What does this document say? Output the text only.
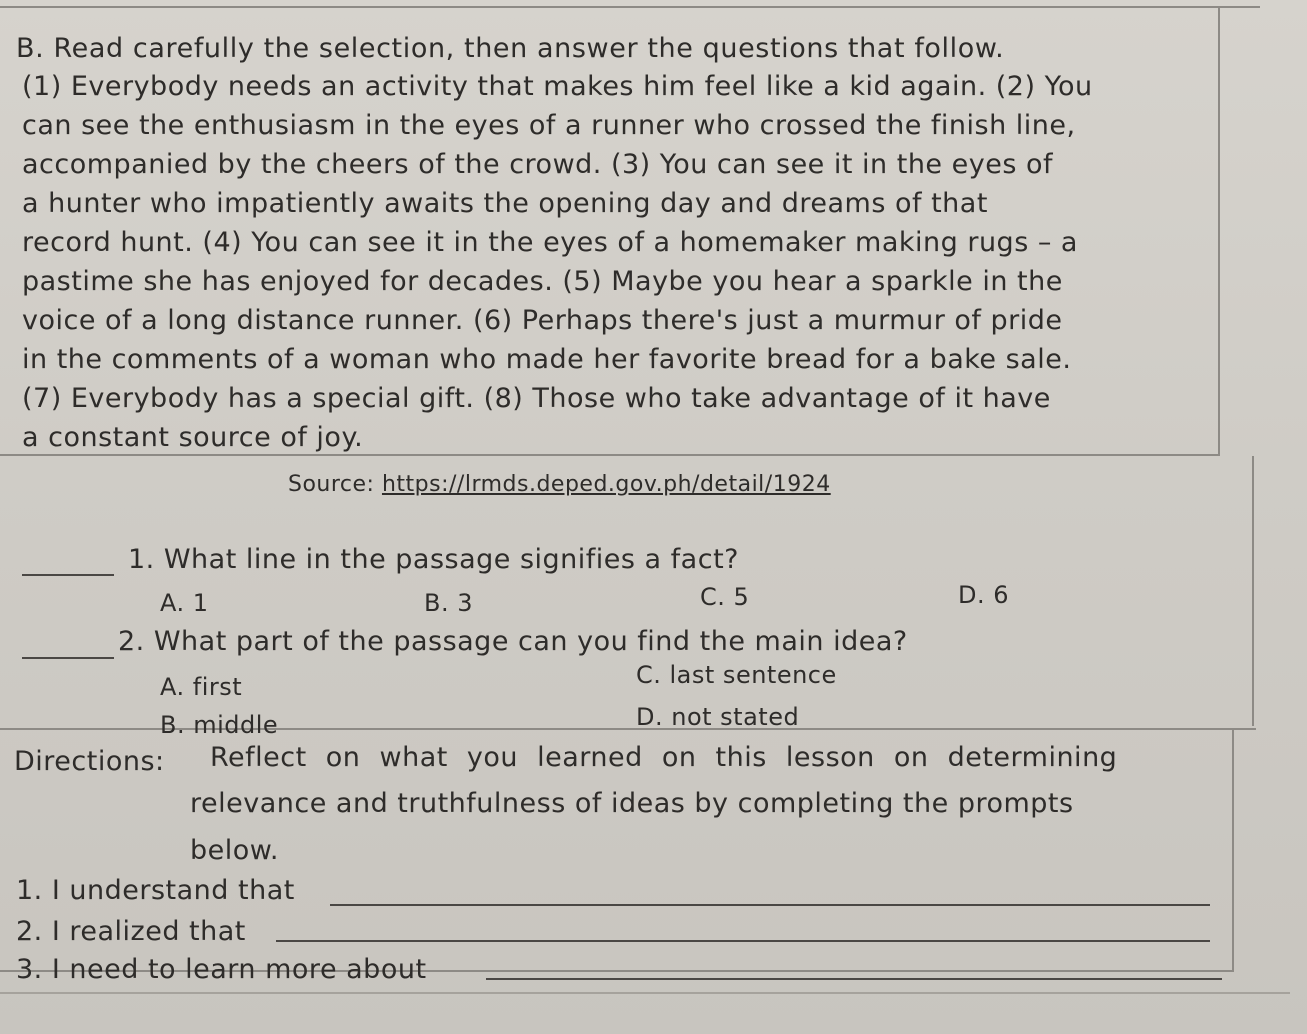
B. Read carefully the selection, then answer the questions that follow.
(1) Everybody needs an activity that makes him feel like a kid again. (2) You
can see the enthusiasm in the eyes of a runner who crossed the finish line,
accompanied by the cheers of the crowd. (3) You can see it in the eyes of
a hunter who impatiently awaits the opening day and dreams of that
record hunt. (4) You can see it in the eyes of a homemaker making rugs – a
pastime she has enjoyed for decades. (5) Maybe you hear a sparkle in the
voice of a long distance runner. (6) Perhaps there's just a murmur of pride
in the comments of a woman who made her favorite bread for a bake sale.
(7) Everybody has a special gift. (8) Those who take advantage of it have
a constant source of joy.
Source: https://lrmds.deped.gov.ph/detail/1924
1. What line in the passage signifies a fact?
A. 1	B. 3	C. 5	D. 6
2. What part of the passage can you find the main idea?
A. first	C. last sentence
B. middle	D. not stated
Directions: Reflect on what you learned on this lesson on determining
relevance and truthfulness of ideas by completing the prompts
below.
1. I understand that
2. I realized that
3. I need to learn more about
